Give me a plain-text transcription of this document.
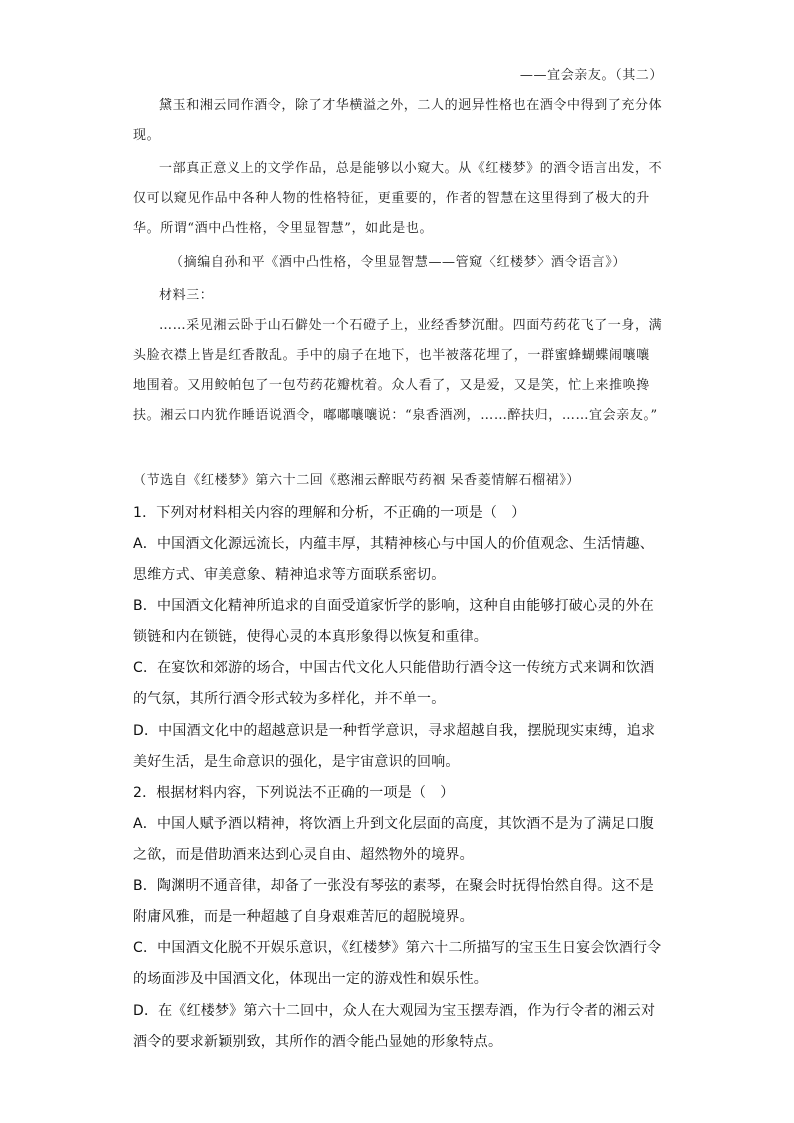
——宜会亲友。（其二）

黛玉和湘云同作酒令，除了才华横溢之外，二人的迥异性格也在酒令中得到了充分体现。

一部真正意义上的文学作品，总是能够以小窥大。从《红楼梦》的酒令语言出发，不仅可以窥见作品中各种人物的性格特征，更重要的，作者的智慧在这里得到了极大的升华。所谓“酒中凸性格，令里显智慧”，如此是也。

（摘编自孙和平《酒中凸性格，令里显智慧——管窥〈红楼梦〉酒令语言》）

材料三：

……采见湘云卧于山石僻处一个石磴子上，业经香梦沉酣。四面芍药花飞了一身，满头脸衣襟上皆是红香散乱。手中的扇子在地下，也半被落花埋了，一群蜜蜂蝴蝶闹嚷嚷地围着。又用鲛帕包了一包芍药花瓣枕着。众人看了，又是爱，又是笑，忙上来推唤搀扶。湘云口内犹作睡语说酒令，嘟嘟嚷嚷说：“泉香酒冽，……醉扶归，……宜会亲友。”

（节选自《红楼梦》第六十二回《憨湘云醉眠芍药裀 呆香菱情解石榴裙》）

1．下列对材料相关内容的理解和分析，不正确的一项是（　）

A．中国酒文化源远流长，内蕴丰厚，其精神核心与中国人的价值观念、生活情趣、思维方式、审美意象、精神追求等方面联系密切。

B．中国酒文化精神所追求的自面受道家忻学的影响，这种自由能够打破心灵的外在锁链和内在锁链，使得心灵的本真形象得以恢复和重律。

C．在宴饮和郊游的场合，中国古代文化人只能借助行酒令这一传统方式来调和饮酒的气氛，其所行酒令形式较为多样化，并不单一。

D．中国酒文化中的超越意识是一种哲学意识，寻求超越自我，摆脱现实束缚，追求美好生活，是生命意识的强化，是宇宙意识的回响。

2．根据材料内容，下列说法不正确的一项是（　）

A．中国人赋予酒以精神，将饮酒上升到文化层面的高度，其饮酒不是为了满足口腹之欲，而是借助酒来达到心灵自由、超然物外的境界。

B．陶渊明不通音律，却备了一张没有琴弦的素琴，在聚会时抚得怡然自得。这不是附庸风雅，而是一种超越了自身艰难苦厄的超脱境界。

C．中国酒文化脱不开娱乐意识，《红楼梦》第六十二所描写的宝玉生日宴会饮酒行令的场面涉及中国酒文化，体现出一定的游戏性和娱乐性。

D．在《红楼梦》第六十二回中，众人在大观园为宝玉摆寿酒，作为行令者的湘云对酒令的要求新颖别致，其所作的酒令能凸显她的形象特点。
